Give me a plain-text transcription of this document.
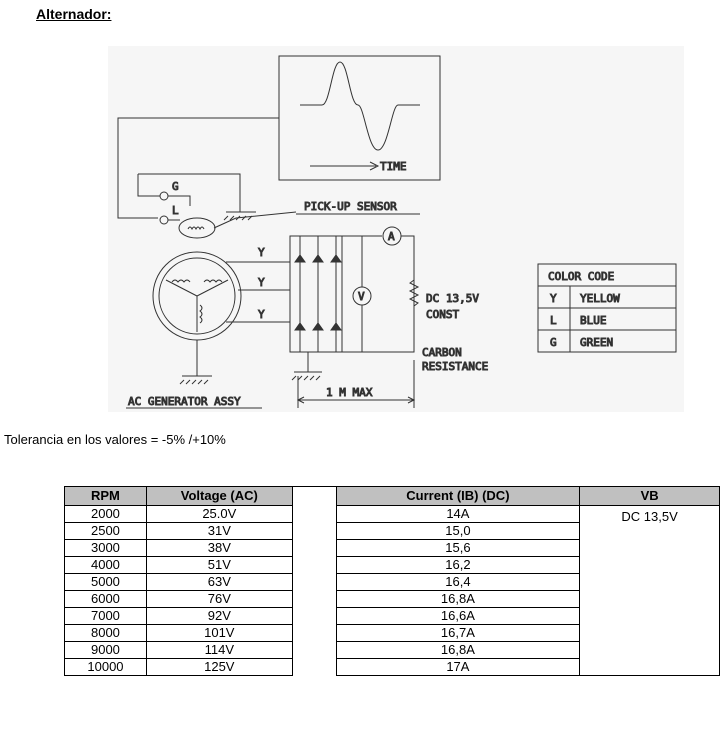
Alternador:
TIME
G
L	PICK-UP SENSOR
Y
Y
Y
A
V	DC 13,5V
CONST
CARBON
RESISTANCE
1 M MAX
AC GENERATOR ASSY
COLOR CODE
Y YELLOW
L BLUE
G GREEN
Tolerancia en los valores = -5% /+10%
RPM	Voltage (AC)		Current (IB) (DC)	VB
2000	25.0V		14A	DC 13,5V
2500	31V		15,0	
3000	38V		15,6	
4000	51V		16,2	
5000	63V		16,4	
6000	76V		16,8A	
7000	92V		16,6A	
8000	101V		16,7A	
9000	114V		16,8A	
10000	125V		17A	
